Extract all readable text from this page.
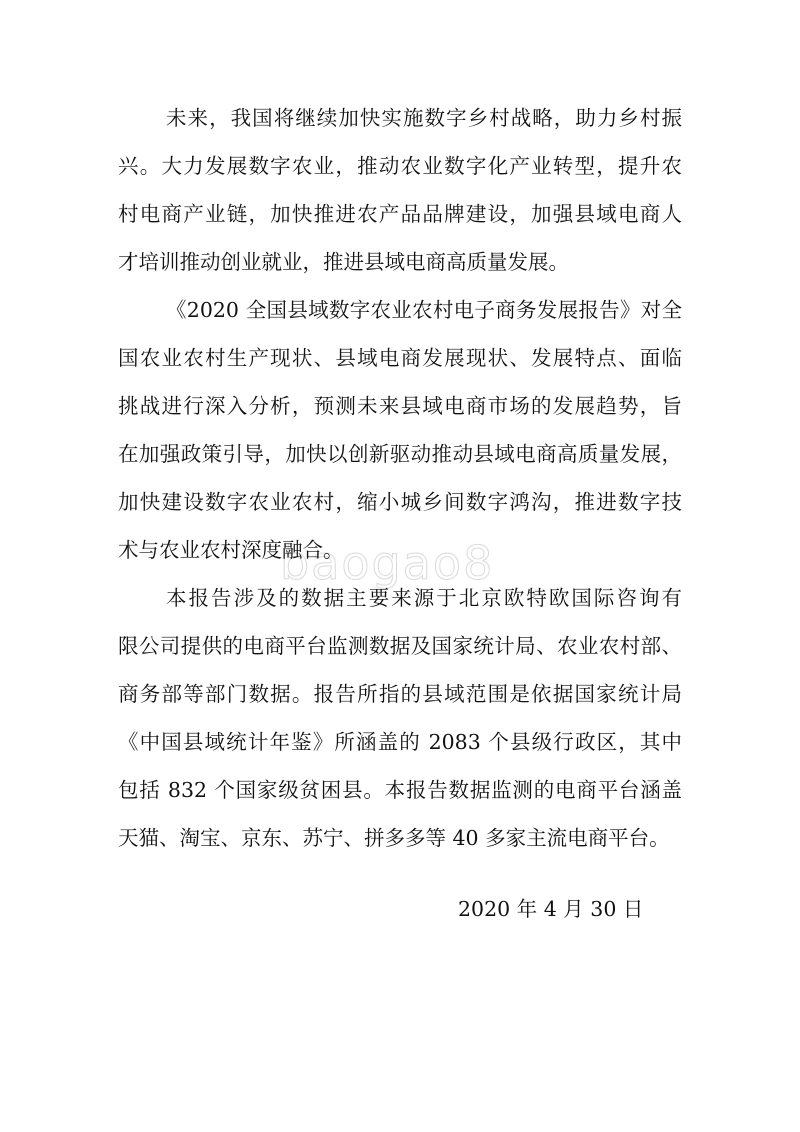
baogao8
未来，我国将继续加快实施数字乡村战略，助力乡村振
兴。大力发展数字农业，推动农业数字化产业转型，提升农
村电商产业链，加快推进农产品品牌建设，加强县域电商人
才培训推动创业就业，推进县域电商高质量发展。
《2020 全国县域数字农业农村电子商务发展报告》对全
国农业农村生产现状、县域电商发展现状、发展特点、面临
挑战进行深入分析，预测未来县域电商市场的发展趋势，旨
在加强政策引导，加快以创新驱动推动县域电商高质量发展，
加快建设数字农业农村，缩小城乡间数字鸿沟，推进数字技
术与农业农村深度融合。
本报告涉及的数据主要来源于北京欧特欧国际咨询有
限公司提供的电商平台监测数据及国家统计局、农业农村部、
商务部等部门数据。报告所指的县域范围是依据国家统计局
《中国县域统计年鉴》所涵盖的 2083 个县级行政区，其中
包括 832 个国家级贫困县。本报告数据监测的电商平台涵盖
天猫、淘宝、京东、苏宁、拼多多等 40 多家主流电商平台。
2020 年 4 月 30 日
